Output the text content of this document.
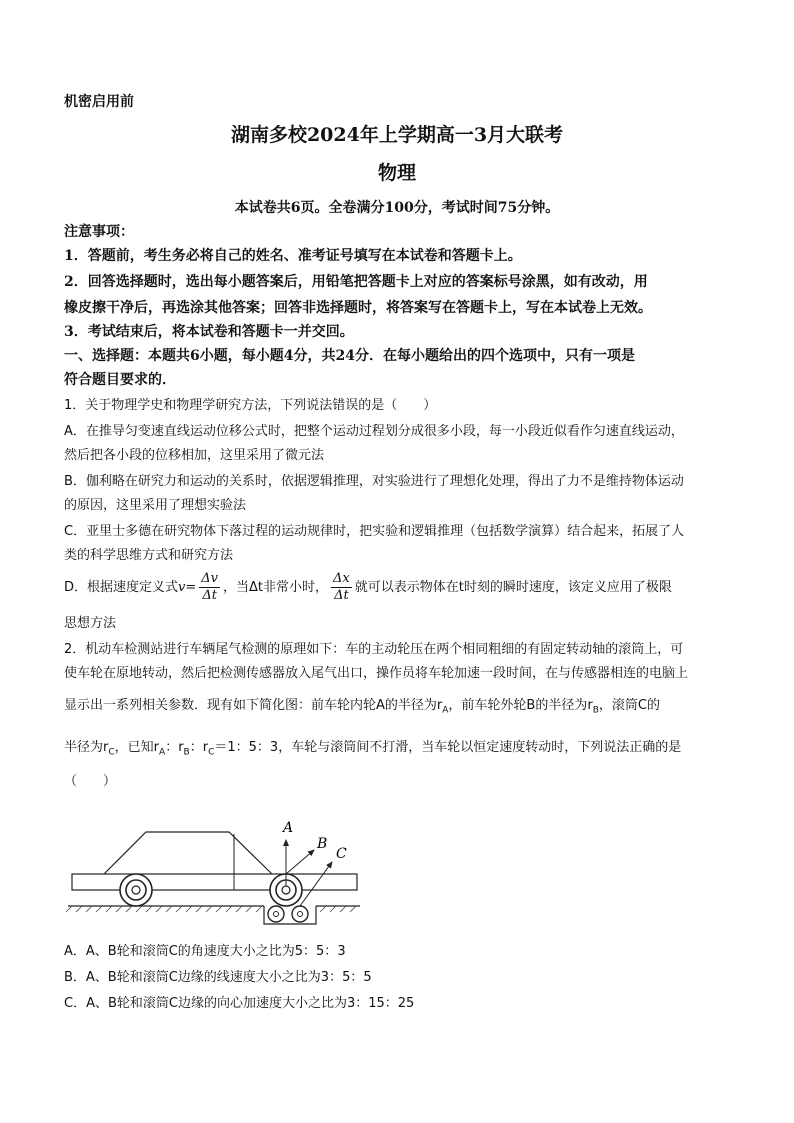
机密启用前
湖南多校2024年上学期高一3月大联考
物理
本试卷共6页。全卷满分100分，考试时间75分钟。
注意事项：
1．答题前，考生务必将自己的姓名、准考证号填写在本试卷和答题卡上。
2．回答选择题时，选出每小题答案后，用铅笔把答题卡上对应的答案标号涂黑，如有改动，用
橡皮擦干净后，再选涂其他答案；回答非选择题时，将答案写在答题卡上，写在本试卷上无效。
3．考试结束后，将本试卷和答题卡一并交回。
一、选择题：本题共6小题，每小题4分，共24分．在每小题给出的四个选项中，只有一项是
符合题目要求的．
1．关于物理学史和物理学研究方法，下列说法错误的是（　　）
A．在推导匀变速直线运动位移公式时，把整个运动过程划分成很多小段，每一小段近似看作匀速直线运动，
然后把各小段的位移相加，这里采用了微元法
B．伽利略在研究力和运动的关系时，依据逻辑推理，对实验进行了理想化处理，得出了力不是维持物体运动
的原因，这里采用了理想实验法
C．亚里士多德在研究物体下落过程的运动规律时，把实验和逻辑推理（包括数学演算）结合起来，拓展了人
类的科学思维方式和研究方法
D．根据速度定义式$v= \frac{\Delta v}{\Delta t}$ ，当Δt非常小时， $\frac{\Delta x}{\Delta t}$ 就可以表示物体在t时刻的瞬时速度，该定义应用了极限
思想方法
2．机动车检测站进行车辆尾气检测的原理如下：车的主动轮压在两个相同粗细的有固定转动轴的滚筒上，可
使车轮在原地转动，然后把检测传感器放入尾气出口，操作员将车轮加速一段时间，在与传感器相连的电脑上
显示出一系列相关参数．现有如下简化图：前车轮内轮A的半径为$r_A$，前车轮外轮B的半径为$r_B$，滚筒C的
半径为$r_C$，已知$r_A$：$r_B$：$r_C=1$：5：3，车轮与滚筒间不打滑，当车轮以恒定速度转动时，下列说法正确的是
（　　）
A
B
C
A．A、B轮和滚筒C的角速度大小之比为5：5：3
B．A、B轮和滚筒C边缘的线速度大小之比为3：5：5
C．A、B轮和滚筒C边缘的向心加速度大小之比为3：15：25
